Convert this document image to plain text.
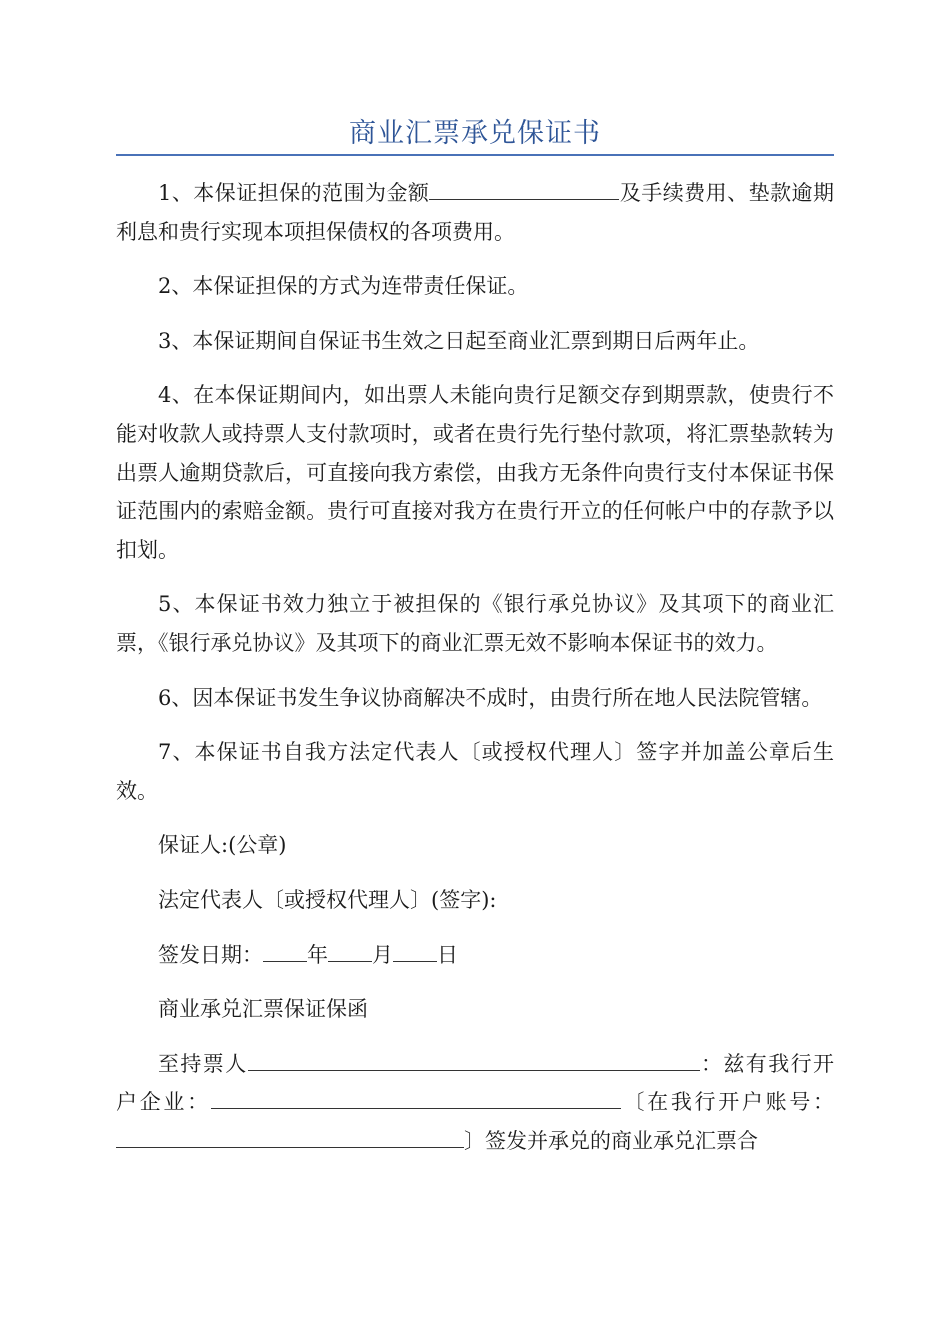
商业汇票承兑保证书

1、本保证担保的范围为金额	及手续费用、垫款逾期利息和贵行实现本项担保债权的各项费用。

2、本保证担保的方式为连带责任保证。

3、本保证期间自保证书生效之日起至商业汇票到期日后两年止。

4、在本保证期间内，如出票人未能向贵行足额交存到期票款，使贵行不能对收款人或持票人支付款项时，或者在贵行先行垫付款项，将汇票垫款转为出票人逾期贷款后，可直接向我方索偿，由我方无条件向贵行支付本保证书保证范围内的索赔金额。贵行可直接对我方在贵行开立的任何帐户中的存款予以扣划。

5、本保证书效力独立于被担保的《银行承兑协议》及其项下的商业汇票，《银行承兑协议》及其项下的商业汇票无效不影响本保证书的效力。

6、因本保证书发生争议协商解决不成时，由贵行所在地人民法院管辖。

7、本保证书自我方法定代表人〔或授权代理人〕签字并加盖公章后生效。

保证人:(公章)

法定代表人〔或授权代理人〕(签字):

签发日期： 年 月 日

商业承兑汇票保证保函

至持票人	：兹有我行开户企业：	〔在我行开户账号：〕签发并承兑的商业承兑汇票合
